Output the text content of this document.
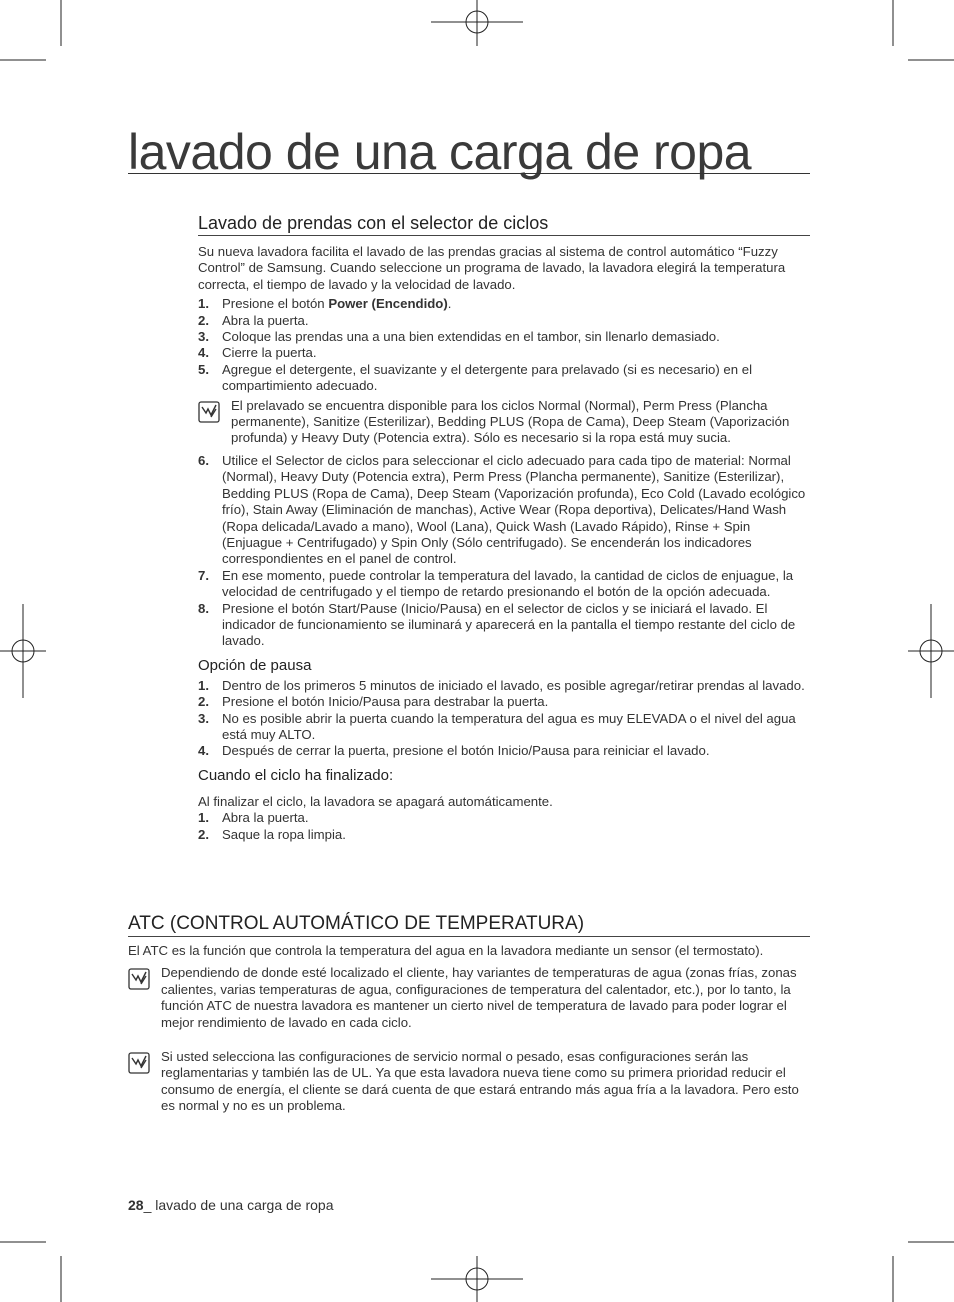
lavado de una carga de ropa
Lavado de prendas con el selector de ciclos

Su nueva lavadora facilita el lavado de las prendas gracias al sistema de control automático “Fuzzy Control” de Samsung. Cuando seleccione un programa de lavado, la lavadora elegirá la temperatura correcta, el tiempo de lavado y la velocidad de lavado.

1. Presione el botón Power (Encendido).
2. Abra la puerta.
3. Coloque las prendas una a una bien extendidas en el tambor, sin llenarlo demasiado.
4. Cierre la puerta.
5. Agregue el detergente, el suavizante y el detergente para prelavado (si es necesario) en el compartimiento adecuado.

El prelavado se encuentra disponible para los ciclos Normal (Normal), Perm Press (Plancha permanente), Sanitize (Esterilizar), Bedding PLUS (Ropa de Cama), Deep Steam (Vaporización profunda) y Heavy Duty (Potencia extra). Sólo es necesario si la ropa está muy sucia.

6. Utilice el Selector de ciclos para seleccionar el ciclo adecuado para cada tipo de material: Normal (Normal), Heavy Duty (Potencia extra), Perm Press (Plancha permanente), Sanitize (Esterilizar), Bedding PLUS (Ropa de Cama), Deep Steam (Vaporización profunda), Eco Cold (Lavado ecológico frío), Stain Away (Eliminación de manchas), Active Wear (Ropa deportiva), Delicates/Hand Wash (Ropa delicada/Lavado a mano), Wool (Lana), Quick Wash (Lavado Rápido), Rinse + Spin (Enjuague + Centrifugado) y Spin Only (Sólo centrifugado). Se encenderán los indicadores correspondientes en el panel de control.
7. En ese momento, puede controlar la temperatura del lavado, la cantidad de ciclos de enjuague, la velocidad de centrifugado y el tiempo de retardo presionando el botón de la opción adecuada.
8. Presione el botón Start/Pause (Inicio/Pausa) en el selector de ciclos y se iniciará el lavado. El indicador de funcionamiento se iluminará y aparecerá en la pantalla el tiempo restante del ciclo de lavado.
Opción de pausa
1. Dentro de los primeros 5 minutos de iniciado el lavado, es posible agregar/retirar prendas al lavado.
2. Presione el botón Inicio/Pausa para destrabar la puerta.
3. No es posible abrir la puerta cuando la temperatura del agua es muy ELEVADA o el nivel del agua está muy ALTO.
4. Después de cerrar la puerta, presione el botón Inicio/Pausa para reiniciar el lavado.
Cuando el ciclo ha finalizado:

Al finalizar el ciclo, la lavadora se apagará automáticamente.

1. Abra la puerta.
2. Saque la ropa limpia.
ATC (CONTROL AUTOMÁTICO DE TEMPERATURA)

El ATC es la función que controla la temperatura del agua en la lavadora mediante un sensor (el termostato).

Dependiendo de donde esté localizado el cliente, hay variantes de temperaturas de agua (zonas frías, zonas calientes, varias temperaturas de agua, configuraciones de temperatura del calentador, etc.), por lo tanto, la función ATC de nuestra lavadora es mantener un cierto nivel de temperatura de lavado para poder lograr el mejor rendimiento de lavado en cada ciclo.

Si usted selecciona las configuraciones de servicio normal o pesado, esas configuraciones serán las reglamentarias y también las de UL. Ya que esta lavadora nueva tiene como su primera prioridad reducir el consumo de energía, el cliente se dará cuenta de que estará entrando más agua fría a la lavadora. Pero esto es normal y no es un problema.

28_ lavado de una carga de ropa
